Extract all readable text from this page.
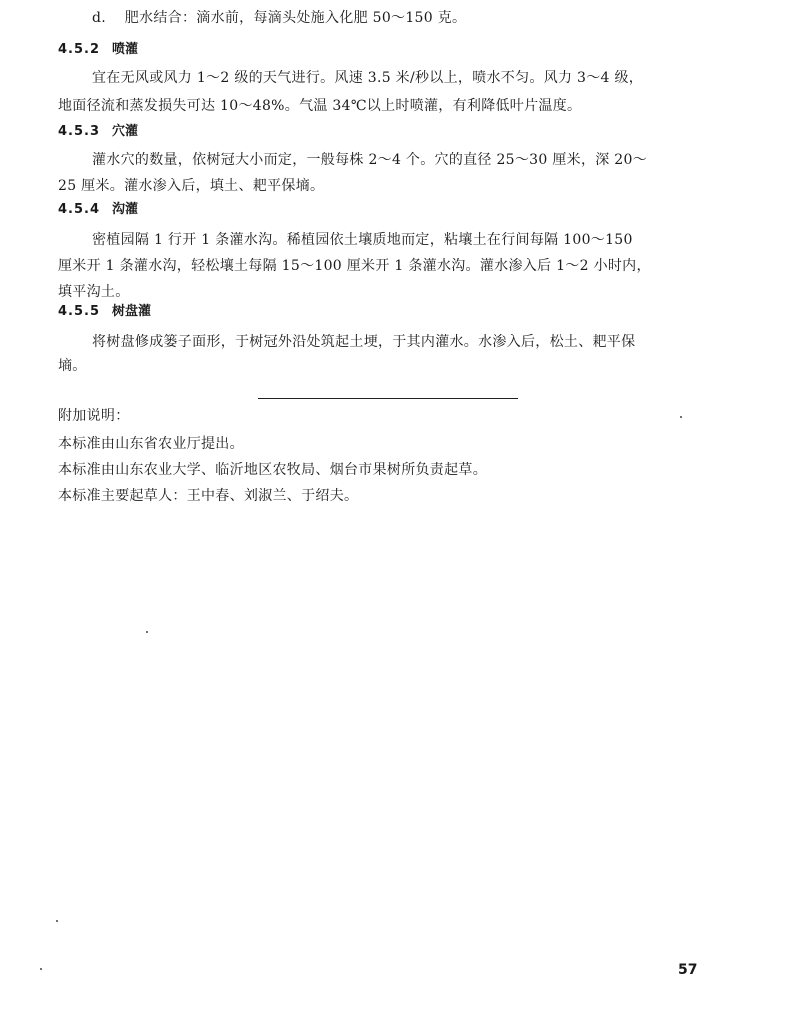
d. 肥水结合：滴水前，每滴头处施入化肥 50～150 克。
4.5.2 喷灌
宜在无风或风力 1～2 级的天气进行。风速 3.5 米/秒以上，喷水不匀。风力 3～4 级，
地面径流和蒸发损失可达 10～48%。气温 34℃以上时喷灌，有利降低叶片温度。
4.5.3 穴灌
灌水穴的数量，依树冠大小而定，一般每株 2～4 个。穴的直径 25～30 厘米，深 20～
25 厘米。灌水渗入后，填土、耙平保墒。
4.5.4 沟灌
密植园隔 1 行开 1 条灌水沟。稀植园依土壤质地而定，粘壤土在行间每隔 100～150
厘米开 1 条灌水沟，轻松壤土每隔 15～100 厘米开 1 条灌水沟。灌水渗入后 1～2 小时内，
填平沟土。
4.5.5 树盘灌
将树盘修成篓子面形，于树冠外沿处筑起土埂，于其内灌水。水渗入后，松土、耙平保
墒。
附加说明：
本标准由山东省农业厅提出。
本标准由山东农业大学、临沂地区农牧局、烟台市果树所负责起草。
本标准主要起草人：王中春、刘淑兰、于绍夫。
57
